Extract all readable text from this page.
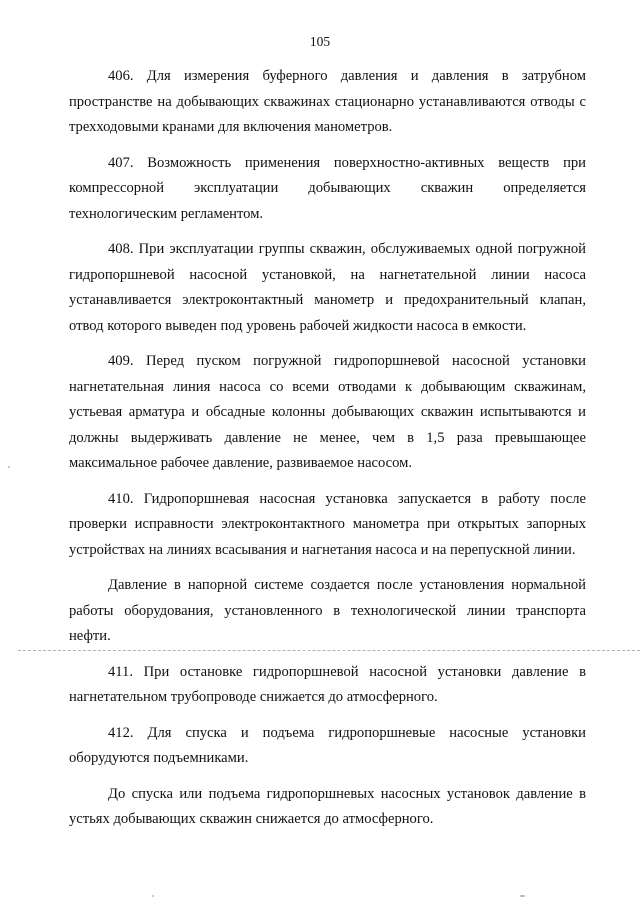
105

406. Для измерения буферного давления и давления в затрубном пространстве на добывающих скважинах стационарно устанавливаются отводы с трехходовыми кранами для включения манометров.

407. Возможность применения поверхностно-активных веществ при компрессорной эксплуатации добывающих скважин определяется технологическим регламентом.

408. При эксплуатации группы скважин, обслуживаемых одной погружной гидропоршневой насосной установкой, на нагнетательной линии насоса устанавливается электроконтактный манометр и предохранительный клапан, отвод которого выведен под уровень рабочей жидкости насоса в емкости.

409. Перед пуском погружной гидропоршневой насосной установки нагнетательная линия насоса со всеми отводами к добывающим скважинам, устьевая арматура и обсадные колонны добывающих скважин испытываются и должны выдерживать давление не менее, чем в 1,5 раза превышающее максимальное рабочее давление, развиваемое насосом.

410. Гидропоршневая насосная установка запускается в работу после проверки исправности электроконтактного манометра при открытых запорных устройствах на линиях всасывания и нагнетания насоса и на перепускной линии.

Давление в напорной системе создается после установления нормальной работы оборудования, установленного в технологической линии транспорта нефти.

411. При остановке гидропоршневой насосной установки давление в нагнетательном трубопроводе снижается до атмосферного.

412. Для спуска и подъема гидропоршневые насосные установки оборудуются подъемниками.

До спуска или подъема гидропоршневых насосных установок давление в устьях добывающих скважин снижается до атмосферного.
